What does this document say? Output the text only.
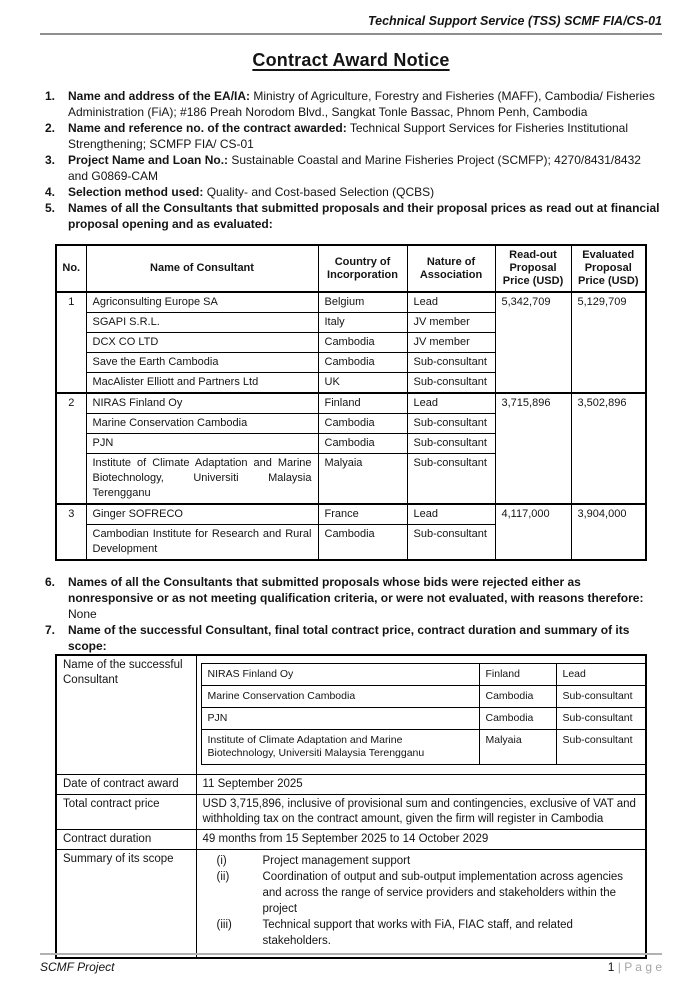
Technical Support Service (TSS) SCMF FIA/CS-01
Contract Award Notice
1.	Name and address of the EA/IA: Ministry of Agriculture, Forestry and Fisheries (MAFF), Cambodia/ Fisheries Administration (FiA); #186 Preah Norodom Blvd., Sangkat Tonle Bassac, Phnom Penh, Cambodia
2.	Name and reference no. of the contract awarded: Technical Support Services for Fisheries Institutional Strengthening; SCMFP FIA/ CS-01
3.	Project Name and Loan No.: Sustainable Coastal and Marine Fisheries Project (SCMFP); 4270/8431/8432 and G0869-CAM
4.	Selection method used: Quality- and Cost-based Selection (QCBS)
5.	Names of all the Consultants that submitted proposals and their proposal prices as read out at financial proposal opening and as evaluated:
No.	Name of Consultant	Country of Incorporation	Nature of Association	Read-out Proposal Price (USD)	Evaluated Proposal Price (USD)
1	Agriconsulting Europe SA	Belgium	Lead	5,342,709	5,129,709
	SGAPI S.R.L.	Italy	JV member		
	DCX CO LTD	Cambodia	JV member		
	Save the Earth Cambodia	Cambodia	Sub-consultant		
	MacAlister Elliott and Partners Ltd	UK	Sub-consultant		
2	NIRAS Finland Oy	Finland	Lead	3,715,896	3,502,896
	Marine Conservation Cambodia	Cambodia	Sub-consultant		
	PJN	Cambodia	Sub-consultant		
	Institute of Climate Adaptation and Marine Biotechnology, Universiti Malaysia Terengganu	Malyaia	Sub-consultant		
3	Ginger SOFRECO	France	Lead	4,117,000	3,904,000
	Cambodian Institute for Research and Rural Development	Cambodia	Sub-consultant		
6.	Names of all the Consultants that submitted proposals whose bids were rejected either as nonresponsive or as not meeting qualification criteria, or were not evaluated, with reasons therefore: None
7.	Name of the successful Consultant, final total contract price, contract duration and summary of its scope:
Name of the successful Consultant		NIRAS Finland Oy	Finland	Lead
Marine Conservation Cambodia	Cambodia	Sub-consultant
PJN	Cambodia	Sub-consultant
Institute of Climate Adaptation and Marine Biotechnology, Universiti Malaysia Terengganu	Malyaia	Sub-consultant

Date of contract award	11 September 2025
Total contract price	USD 3,715,896, inclusive of provisional sum and contingencies, exclusive of VAT and withholding tax on the contract amount, given the firm will register in Cambodia
Contract duration	49 months from 15 September 2025 to 14 October 2029
Summary of its scope	(i)	Project management support
(ii)	Coordination of output and sub-output implementation across agencies and across the range of service providers and stakeholders within the project
(iii)	Technical support that works with FiA, FIAC staff, and related stakeholders.
SCMF Project	1 | P a g e
